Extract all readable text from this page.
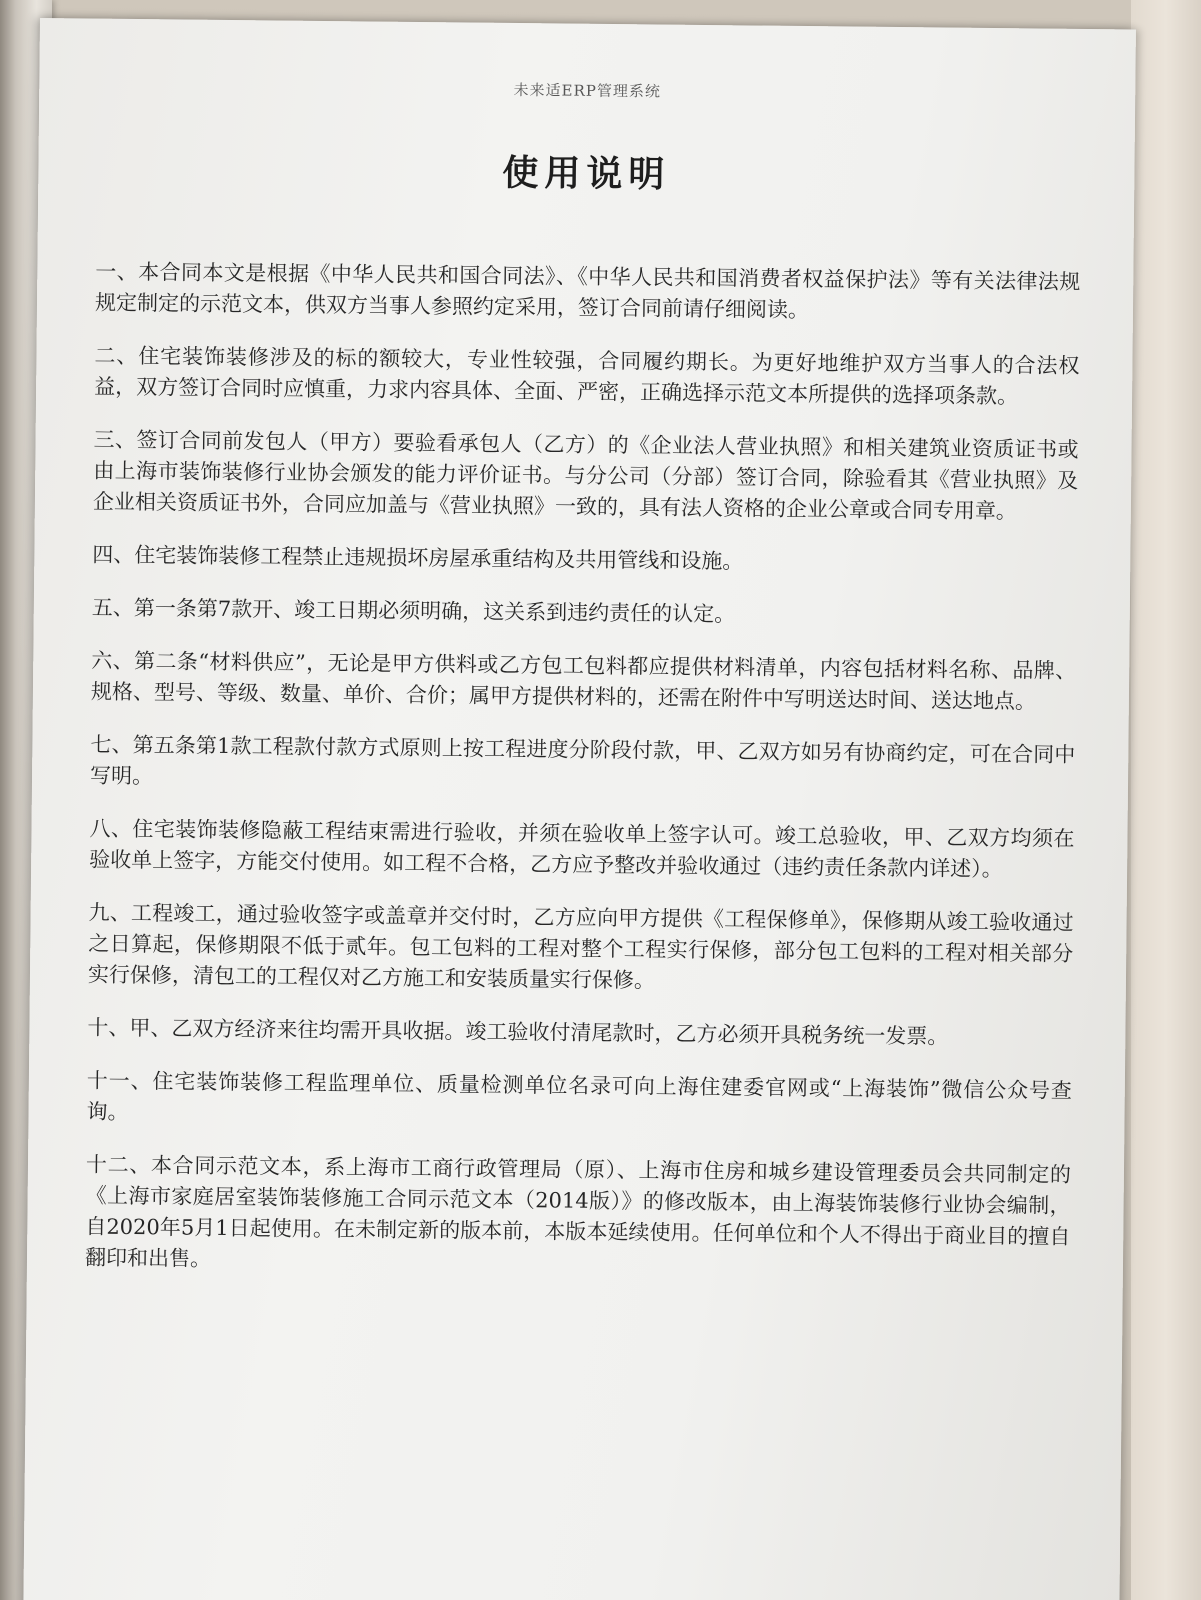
未来适ERP管理系统
使用说明

一、本合同本文是根据《中华人民共和国合同法》、《中华人民共和国消费者权益保护法》等有关法律法规规定制定的示范文本，供双方当事人参照约定采用，签订合同前请仔细阅读。

二、住宅装饰装修涉及的标的额较大，专业性较强，合同履约期长。为更好地维护双方当事人的合法权益，双方签订合同时应慎重，力求内容具体、全面、严密，正确选择示范文本所提供的选择项条款。

三、签订合同前发包人（甲方）要验看承包人（乙方）的《企业法人营业执照》和相关建筑业资质证书或由上海市装饰装修行业协会颁发的能力评价证书。与分公司（分部）签订合同，除验看其《营业执照》及企业相关资质证书外，合同应加盖与《营业执照》一致的，具有法人资格的企业公章或合同专用章。

四、住宅装饰装修工程禁止违规损坏房屋承重结构及共用管线和设施。

五、第一条第7款开、竣工日期必须明确，这关系到违约责任的认定。

六、第二条“材料供应”，无论是甲方供料或乙方包工包料都应提供材料清单，内容包括材料名称、品牌、规格、型号、等级、数量、单价、合价；属甲方提供材料的，还需在附件中写明送达时间、送达地点。

七、第五条第1款工程款付款方式原则上按工程进度分阶段付款，甲、乙双方如另有协商约定，可在合同中写明。

八、住宅装饰装修隐蔽工程结束需进行验收，并须在验收单上签字认可。竣工总验收，甲、乙双方均须在验收单上签字，方能交付使用。如工程不合格，乙方应予整改并验收通过（违约责任条款内详述）。

九、工程竣工，通过验收签字或盖章并交付时，乙方应向甲方提供《工程保修单》，保修期从竣工验收通过之日算起，保修期限不低于贰年。包工包料的工程对整个工程实行保修，部分包工包料的工程对相关部分实行保修，清包工的工程仅对乙方施工和安装质量实行保修。

十、甲、乙双方经济来往均需开具收据。竣工验收付清尾款时，乙方必须开具税务统一发票。

十一、住宅装饰装修工程监理单位、质量检测单位名录可向上海住建委官网或“上海装饰”微信公众号查询。

十二、本合同示范文本，系上海市工商行政管理局（原）、上海市住房和城乡建设管理委员会共同制定的《上海市家庭居室装饰装修施工合同示范文本（2014版）》的修改版本，由上海装饰装修行业协会编制，自2020年5月1日起使用。在未制定新的版本前，本版本延续使用。任何单位和个人不得出于商业目的擅自翻印和出售。
